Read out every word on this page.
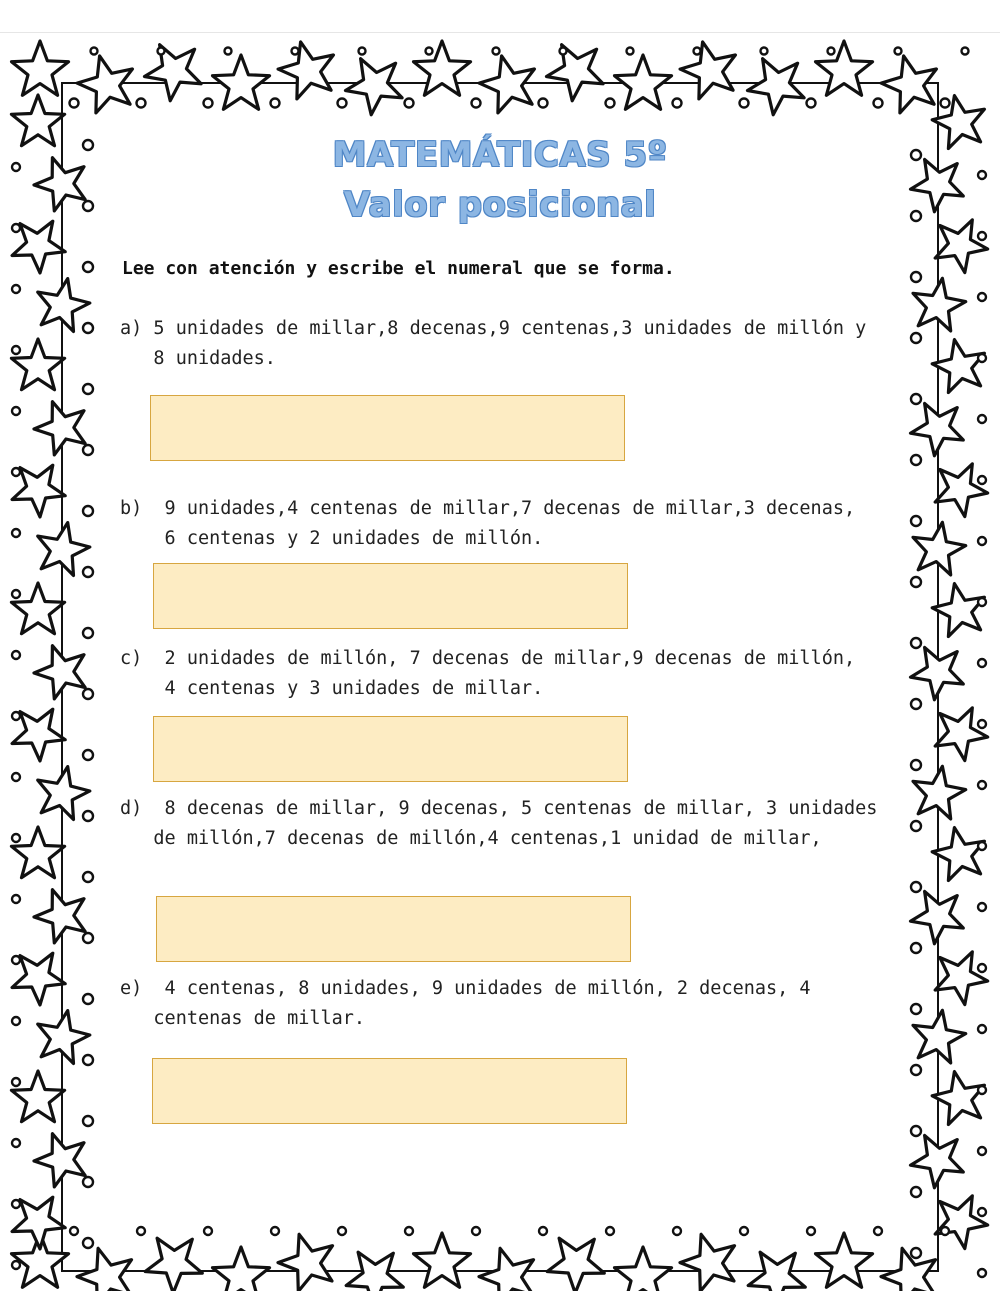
MATEMÁTICAS 5º
Valor posicional
Lee con atención y escribe el numeral que se forma.
a) 5 unidades de millar,8 decenas,9 centenas,3 unidades de millón y
8 unidades.
b)  9 unidades,4 centenas de millar,7 decenas de millar,3 decenas,
6 centenas y 2 unidades de millón.
c)  2 unidades de millón, 7 decenas de millar,9 decenas de millón,
4 centenas y 3 unidades de millar.
d)  8 decenas de millar, 9 decenas, 5 centenas de millar, 3 unidades
de millón,7 decenas de millón,4 centenas,1 unidad de millar,
e)  4 centenas, 8 unidades, 9 unidades de millón, 2 decenas, 4
centenas de millar.
